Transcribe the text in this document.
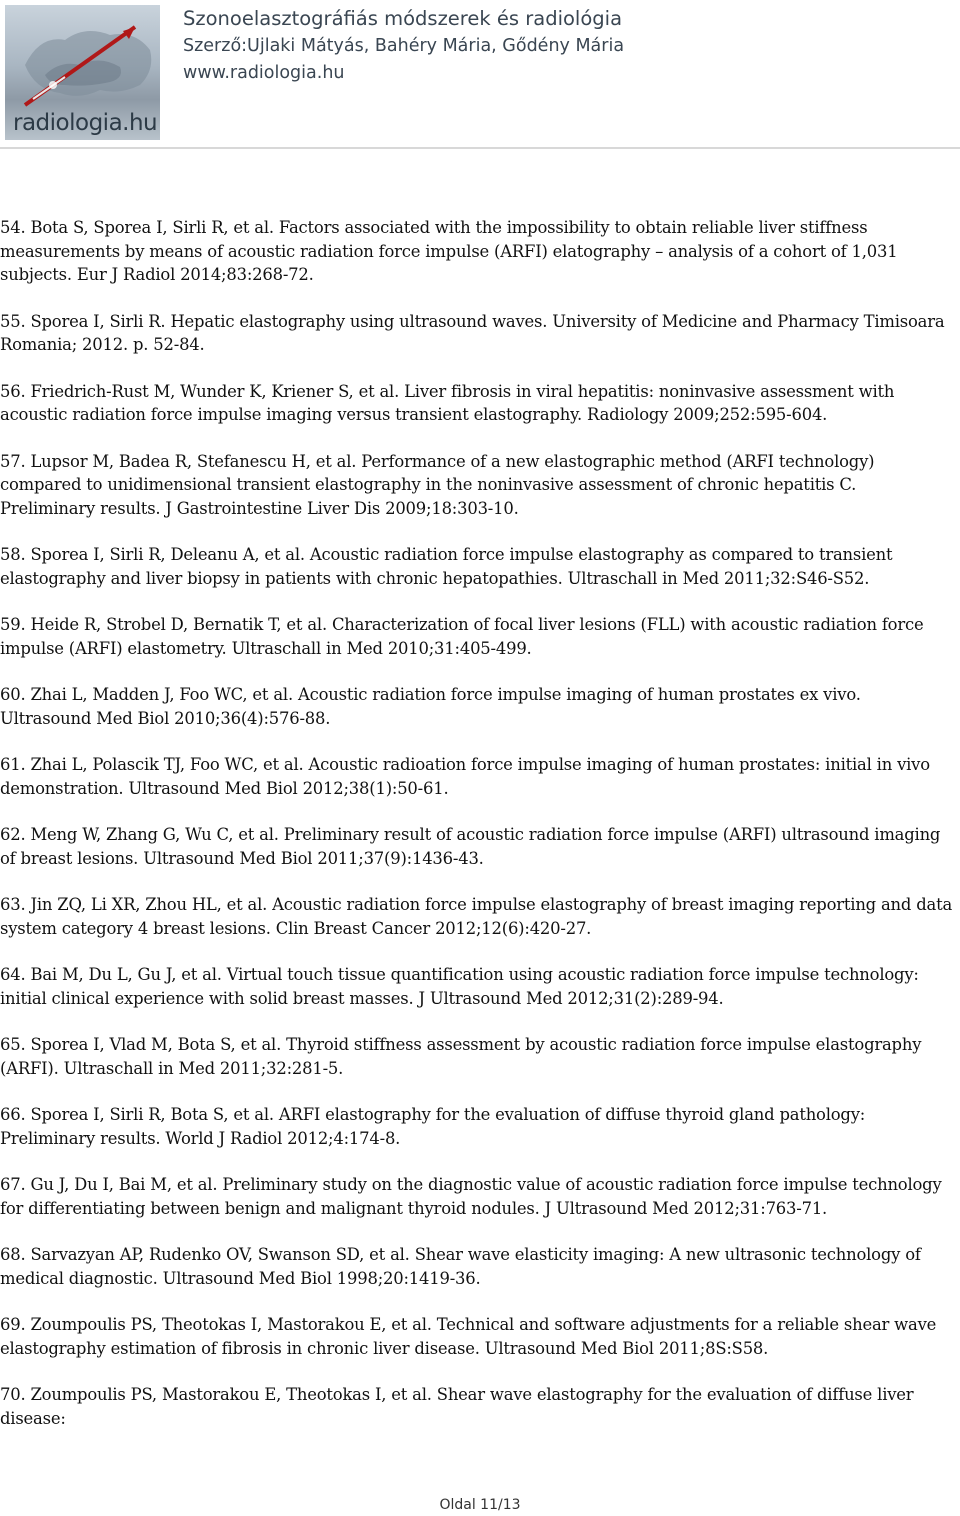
radiologia.hu
Szonoelasztográfiás módszerek és radiológia
Szerző:Ujlaki Mátyás, Bahéry Mária, Gődény Mária
www.radiologia.hu

54. Bota S, Sporea I, Sirli R, et al. Factors associated with the impossibility to obtain reliable liver stiffness measurements by means of acoustic radiation force impulse (ARFI) elatography – analysis of a cohort of 1,031 subjects. Eur J Radiol 2014;83:268-72.

55. Sporea I, Sirli R. Hepatic elastography using ultrasound waves. University of Medicine and Pharmacy Timisoara Romania; 2012. p. 52-84.

56. Friedrich-Rust M, Wunder K, Kriener S, et al. Liver fibrosis in viral hepatitis: noninvasive assessment with acoustic radiation force impulse imaging versus transient elastography. Radiology 2009;252:595-604.

57. Lupsor M, Badea R, Stefanescu H, et al. Performance of a new elastographic method (ARFI technology) compared to unidimensional transient elastography in the noninvasive assessment of chronic hepatitis C. Preliminary results. J Gastrointestine Liver Dis 2009;18:303-10.

58. Sporea I, Sirli R, Deleanu A, et al. Acoustic radiation force impulse elastography as compared to transient elastography and liver biopsy in patients with chronic hepatopathies. Ultraschall in Med 2011;32:S46-S52.

59. Heide R, Strobel D, Bernatik T, et al. Characterization of focal liver lesions (FLL) with acoustic radiation force impulse (ARFI) elastometry. Ultraschall in Med 2010;31:405-499.

60. Zhai L, Madden J, Foo WC, et al. Acoustic radiation force impulse imaging of human prostates ex vivo. Ultrasound Med Biol 2010;36(4):576-88.

61. Zhai L, Polascik TJ, Foo WC, et al. Acoustic radioation force impulse imaging of human prostates: initial in vivo demonstration. Ultrasound Med Biol 2012;38(1):50-61.

62. Meng W, Zhang G, Wu C, et al. Preliminary result of acoustic radiation force impulse (ARFI) ultrasound imaging of breast lesions. Ultrasound Med Biol 2011;37(9):1436-43.

63. Jin ZQ, Li XR, Zhou HL, et al. Acoustic radiation force impulse elastography of breast imaging reporting and data system category 4 breast lesions. Clin Breast Cancer 2012;12(6):420-27.

64. Bai M, Du L, Gu J, et al. Virtual touch tissue quantification using acoustic radiation force impulse technology: initial clinical experience with solid breast masses. J Ultrasound Med 2012;31(2):289-94.

65. Sporea I, Vlad M, Bota S, et al. Thyroid stiffness assessment by acoustic radiation force impulse elastography (ARFI). Ultraschall in Med 2011;32:281-5.

66. Sporea I, Sirli R, Bota S, et al. ARFI elastography for the evaluation of diffuse thyroid gland pathology: Preliminary results. World J Radiol 2012;4:174-8.

67. Gu J, Du I, Bai M, et al. Preliminary study on the diagnostic value of acoustic radiation force impulse technology for differentiating between benign and malignant thyroid nodules. J Ultrasound Med 2012;31:763-71.

68. Sarvazyan AP, Rudenko OV, Swanson SD, et al. Shear wave elasticity imaging: A new ultrasonic technology of medical diagnostic. Ultrasound Med Biol 1998;20:1419-36.

69. Zoumpoulis PS, Theotokas I, Mastorakou E, et al. Technical and software adjustments for a reliable shear wave elastography estimation of fibrosis in chronic liver disease. Ultrasound Med Biol 2011;8S:S58.

70. Zoumpoulis PS, Mastorakou E, Theotokas I, et al. Shear wave elastography for the evaluation of diffuse liver disease:

Oldal 11/13
